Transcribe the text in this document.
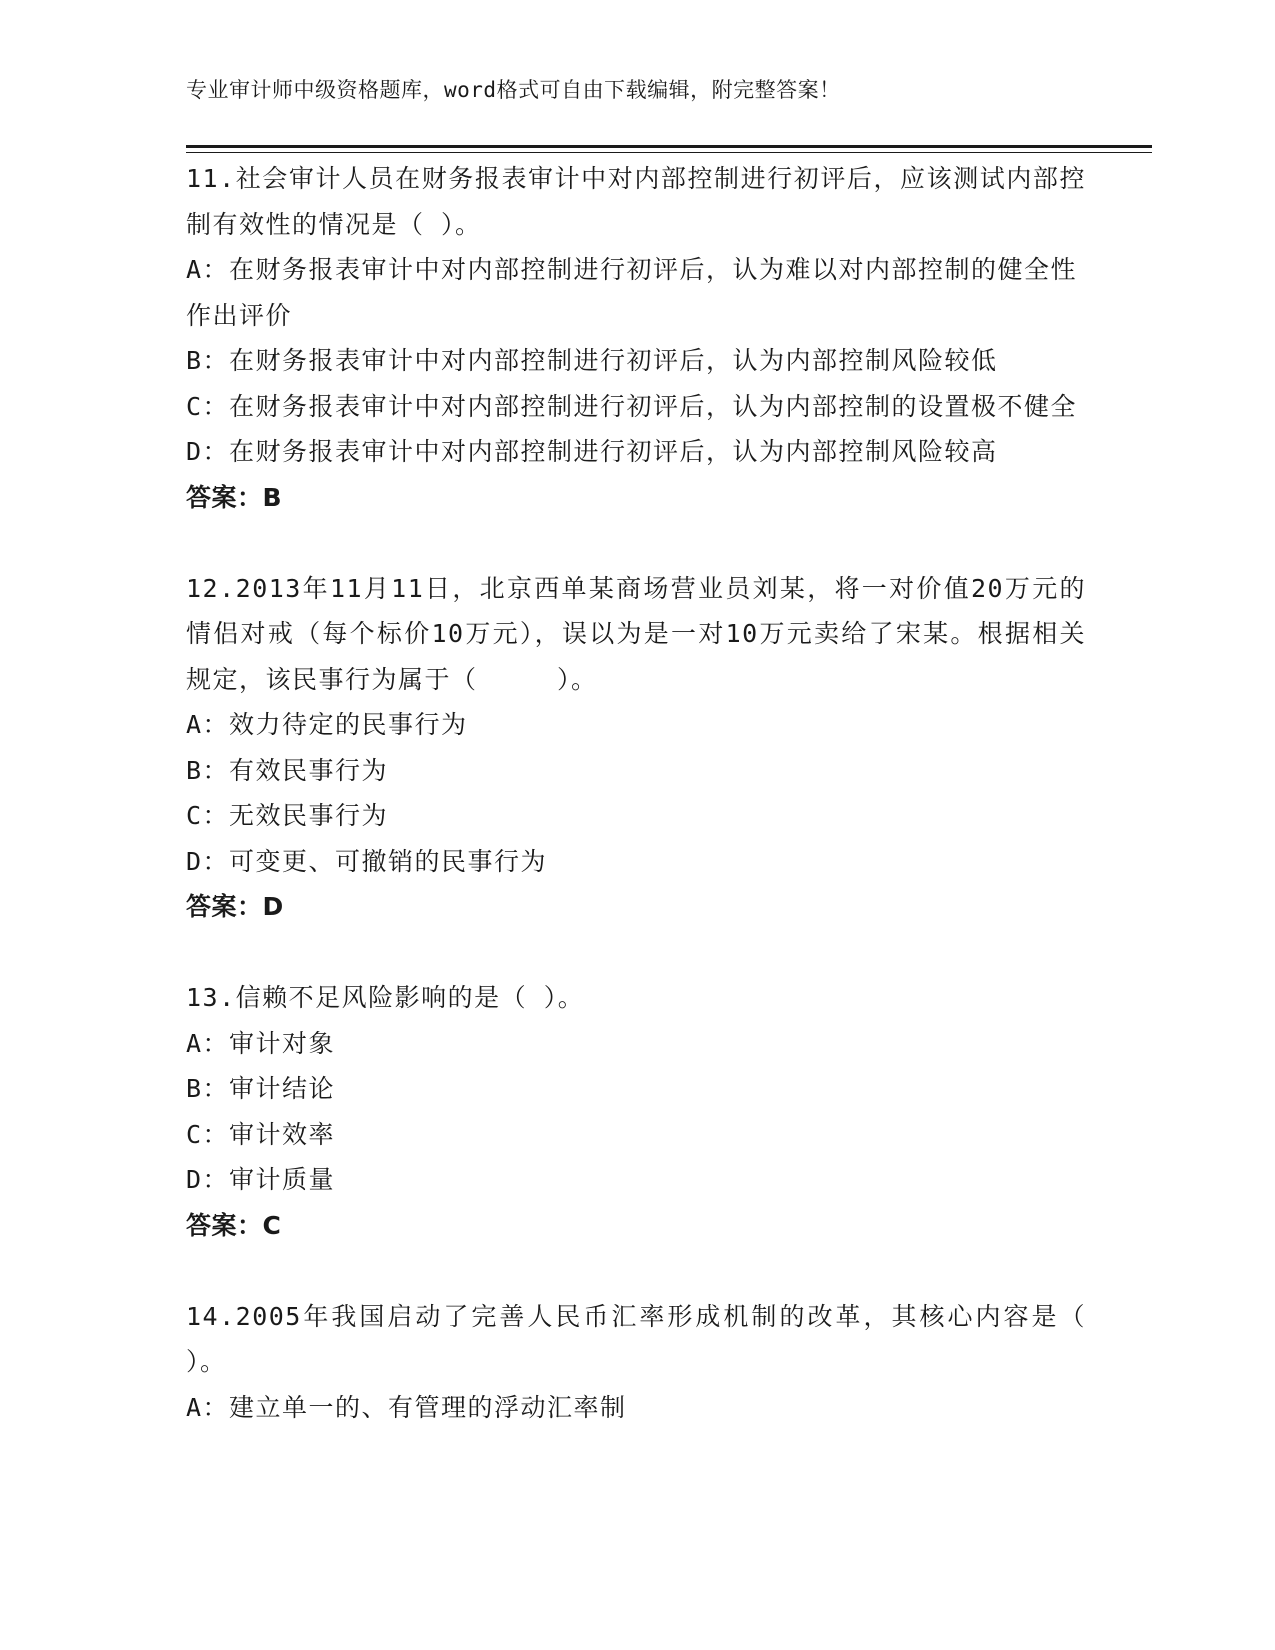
专业审计师中级资格题库，word格式可自由下载编辑，附完整答案！

11.社会审计人员在财务报表审计中对内部控制进行初评后，应该测试内部控制有效性的情况是（ ）。

A：在财务报表审计中对内部控制进行初评后，认为难以对内部控制的健全性作出评价

B：在财务报表审计中对内部控制进行初评后，认为内部控制风险较低

C：在财务报表审计中对内部控制进行初评后，认为内部控制的设置极不健全

D：在财务报表审计中对内部控制进行初评后，认为内部控制风险较高

答案：B

12.2013年11月11日，北京西单某商场营业员刘某，将一对价值20万元的情侣对戒（每个标价10万元），误以为是一对10万元卖给了宋某。根据相关规定，该民事行为属于（　　　）。

A：效力待定的民事行为

B：有效民事行为

C：无效民事行为

D：可变更、可撤销的民事行为

答案：D

13.信赖不足风险影响的是（ ）。

A：审计对象

B：审计结论

C：审计效率

D：审计质量

答案：C

14.2005年我国启动了完善人民币汇率形成机制的改革，其核心内容是（ ）。

A：建立单一的、有管理的浮动汇率制
